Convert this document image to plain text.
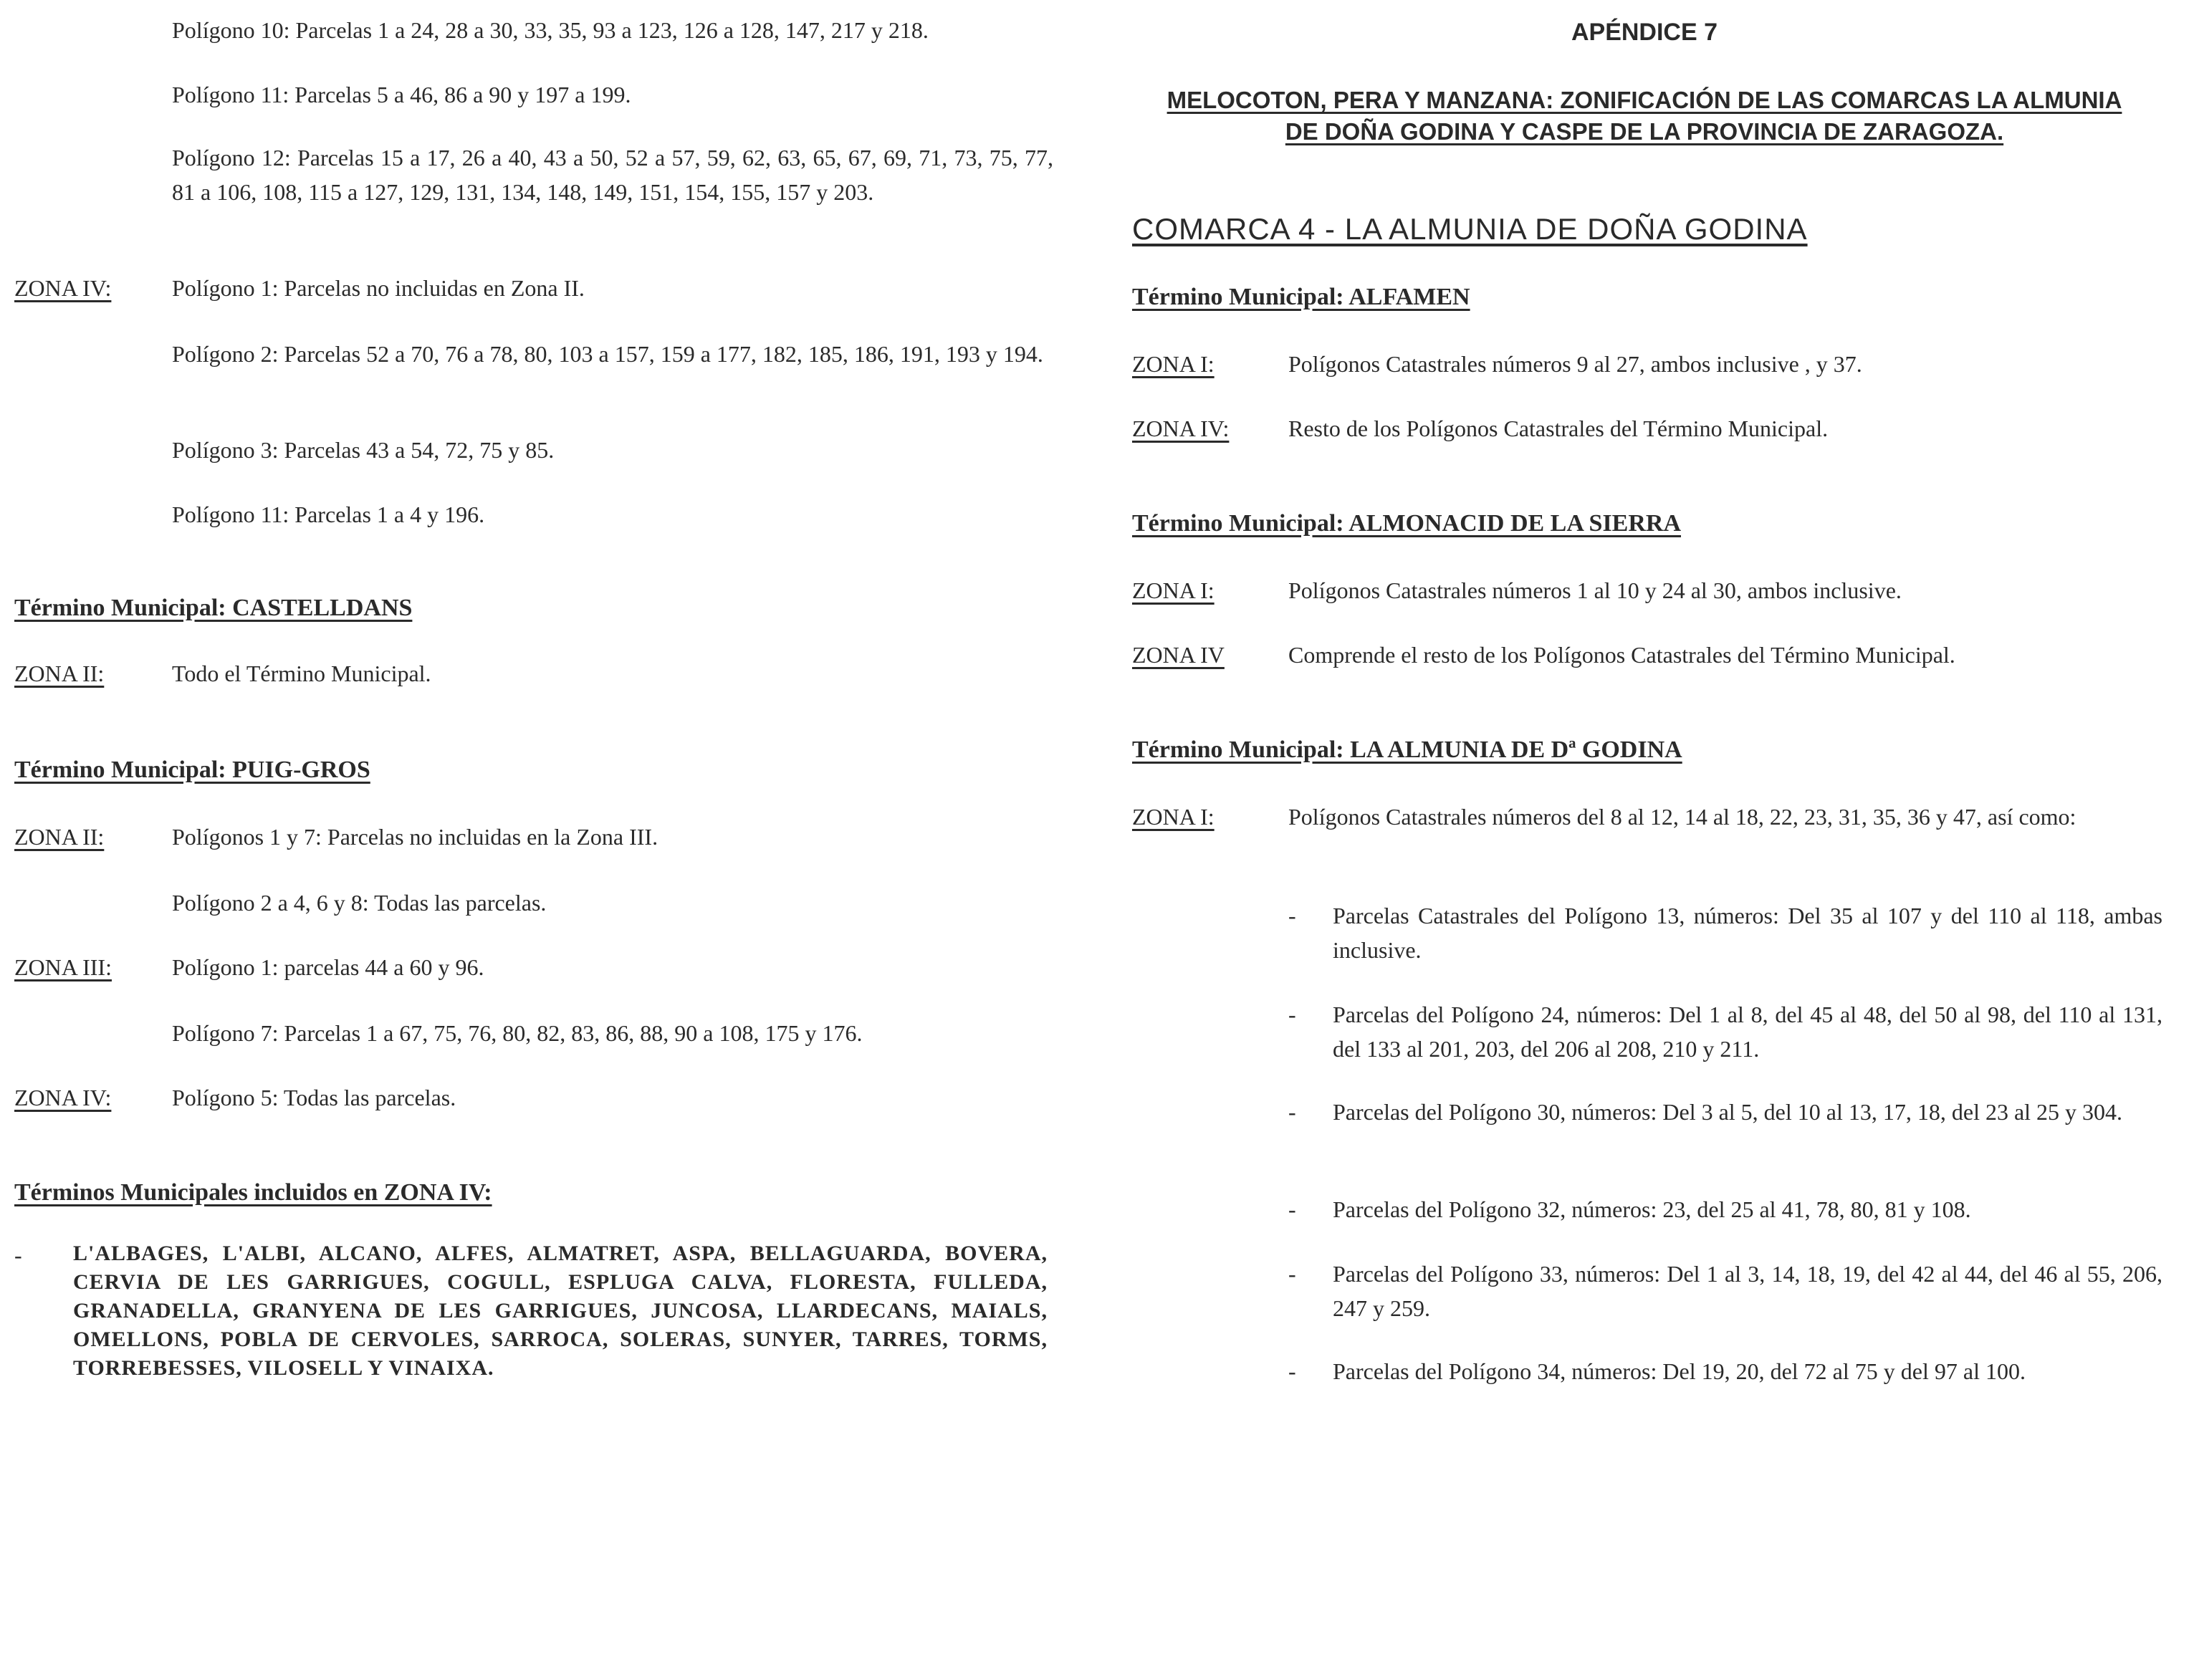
Polígono 10: Parcelas 1 a 24, 28 a 30, 33, 35, 93 a 123, 126 a 128, 147, 217 y 218.
Polígono 11: Parcelas 5 a 46, 86 a 90 y 197 a 199.
Polígono 12: Parcelas 15 a 17, 26 a 40, 43 a 50, 52 a 57, 59, 62, 63, 65, 67, 69, 71, 73, 75, 77, 81 a 106, 108, 115 a 127, 129, 131, 134, 148, 149, 151, 154, 155, 157 y 203.
ZONA IV:	Polígono 1: Parcelas no incluidas en Zona II.
Polígono 2: Parcelas 52 a 70, 76 a 78, 80, 103 a 157, 159 a 177, 182, 185, 186, 191, 193 y 194.
Polígono 3: Parcelas 43 a 54, 72, 75 y 85.
Polígono 11: Parcelas 1 a 4 y 196.
Término Municipal: CASTELLDANS
ZONA II:	Todo el Término Municipal.
Término Municipal: PUIG-GROS
ZONA II:	Polígonos 1 y 7: Parcelas no incluidas en la Zona III.
Polígono 2 a 4, 6 y 8: Todas las parcelas.
ZONA III:	Polígono 1: parcelas 44 a 60 y 96.
Polígono 7: Parcelas 1 a 67, 75, 76, 80, 82, 83, 86, 88, 90 a 108, 175 y 176.
ZONA IV:	Polígono 5: Todas las parcelas.
Términos Municipales incluidos en ZONA IV:
- L'ALBAGES, L'ALBI, ALCANO, ALFES, ALMATRET, ASPA, BELLAGUARDA, BOVERA, CERVIA DE LES GARRIGUES, COGULL, ESPLUGA CALVA, FLORESTA, FULLEDA, GRANADELLA, GRANYENA DE LES GARRIGUES, JUNCOSA, LLARDECANS, MAIALS, OMELLONS, POBLA DE CERVOLES, SARROCA, SOLERAS, SUNYER, TARRES, TORMS, TORREBESSES, VILOSELL Y VINAIXA.
APÉNDICE 7
MELOCOTON, PERA Y MANZANA: ZONIFICACIÓN DE LAS COMARCAS LA ALMUNIA DE DOÑA GODINA Y CASPE DE LA PROVINCIA DE ZARAGOZA.
COMARCA 4 - LA ALMUNIA DE DOÑA GODINA
Término Municipal: ALFAMEN
ZONA I:	Polígonos Catastrales números 9 al 27, ambos inclusive , y 37.
ZONA IV:	Resto de los Polígonos Catastrales del Término Municipal.
Término Municipal: ALMONACID DE LA SIERRA
ZONA I:	Polígonos Catastrales números 1 al 10 y 24 al 30, ambos inclusive.
ZONA IV	Comprende el resto de los Polígonos Catastrales del Término Municipal.
Término Municipal: LA ALMUNIA DE Dª GODINA
ZONA I:	Polígonos Catastrales números del 8 al 12, 14 al 18, 22, 23, 31, 35, 36 y 47, así como:
- Parcelas Catastrales del Polígono 13, números: Del 35 al 107 y del 110 al 118, ambas inclusive.
- Parcelas del Polígono 24, números: Del 1 al 8, del 45 al 48, del 50 al 98, del 110 al 131, del 133 al 201, 203, del 206 al 208, 210 y 211.
- Parcelas del Polígono 30, números: Del 3 al 5, del 10 al 13, 17, 18, del 23 al 25 y 304.
- Parcelas del Polígono 32, números: 23, del 25 al 41, 78, 80, 81 y 108.
- Parcelas del Polígono 33, números: Del 1 al 3, 14, 18, 19, del 42 al 44, del 46 al 55, 206, 247 y 259.
- Parcelas del Polígono 34, números: Del 19, 20, del 72 al 75 y del 97 al 100.
